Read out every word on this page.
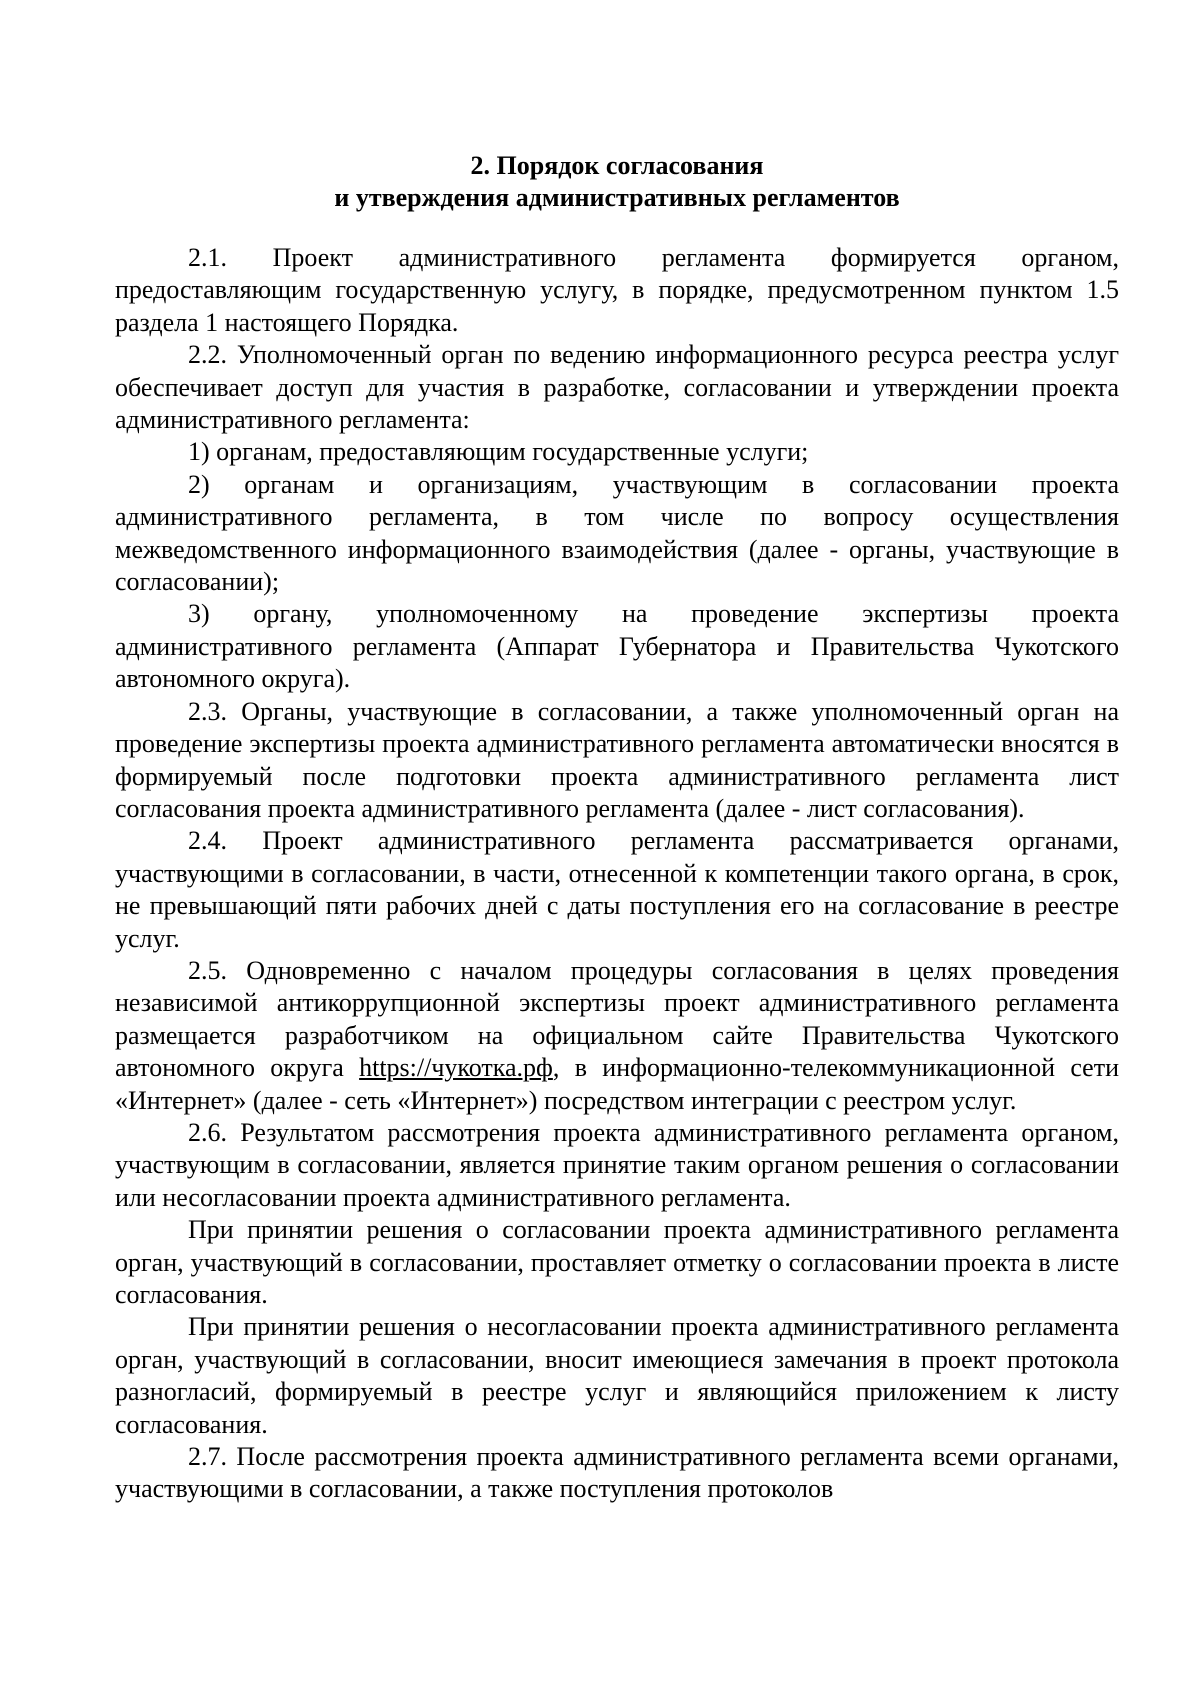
2. Порядок согласования
и утверждения административных регламентов

2.1. Проект административного регламента формируется органом, предоставляющим государственную услугу, в порядке, предусмотренном пунктом 1.5 раздела 1 настоящего Порядка.

2.2. Уполномоченный орган по ведению информационного ресурса реестра услуг обеспечивает доступ для участия в разработке, согласовании и утверждении проекта административного регламента:

1) органам, предоставляющим государственные услуги;

2) органам и организациям, участвующим в согласовании проекта административного регламента, в том числе по вопросу осуществления межведомственного информационного взаимодействия (далее - органы, участвующие в согласовании);

3) органу, уполномоченному на проведение экспертизы проекта административного регламента (Аппарат Губернатора и Правительства Чукотского автономного округа).

2.3. Органы, участвующие в согласовании, а также уполномоченный орган на проведение экспертизы проекта административного регламента автоматически вносятся в формируемый после подготовки проекта административного регламента лист согласования проекта административного регламента (далее - лист согласования).

2.4. Проект административного регламента рассматривается органами, участвующими в согласовании, в части, отнесенной к компетенции такого органа, в срок, не превышающий пяти рабочих дней с даты поступления его на согласование в реестре услуг.

2.5. Одновременно с началом процедуры согласования в целях проведения независимой антикоррупционной экспертизы проект административного регламента размещается разработчиком на официальном сайте Правительства Чукотского автономного округа https://чукотка.рф, в информационно-телекоммуникационной сети «Интернет» (далее - сеть «Интернет») посредством интеграции с реестром услуг.

2.6. Результатом рассмотрения проекта административного регламента органом, участвующим в согласовании, является принятие таким органом решения о согласовании или несогласовании проекта административного регламента.

При принятии решения о согласовании проекта административного регламента орган, участвующий в согласовании, проставляет отметку о согласовании проекта в листе согласования.

При принятии решения о несогласовании проекта административного регламента орган, участвующий в согласовании, вносит имеющиеся замечания в проект протокола разногласий, формируемый в реестре услуг и являющийся приложением к листу согласования.

2.7. После рассмотрения проекта административного регламента всеми органами, участвующими в согласовании, а также поступления протоколов
